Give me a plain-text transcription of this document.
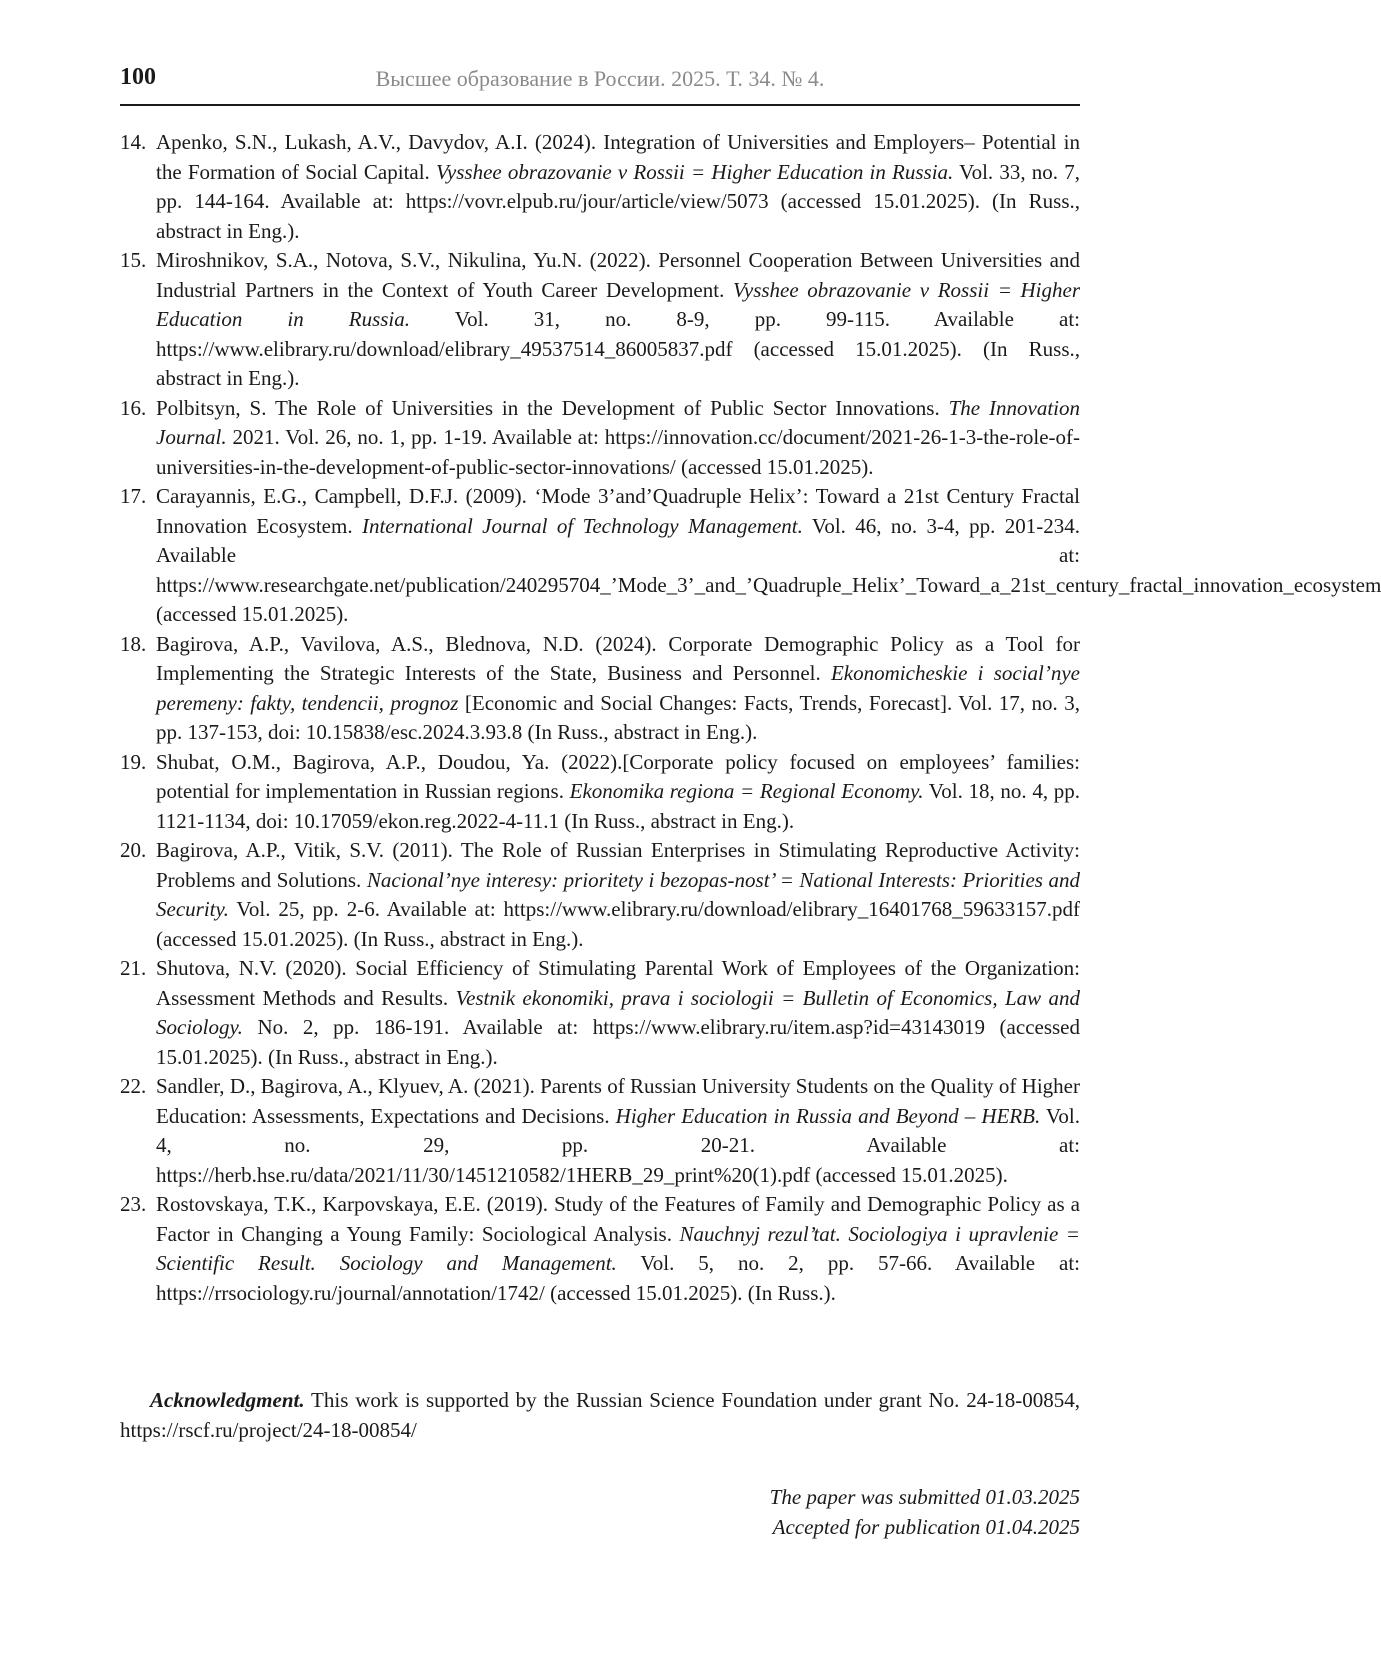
100	Высшее образование в России. 2025. Т. 34. № 4.
14. Apenko, S.N., Lukash, A.V., Davydov, A.I. (2024). Integration of Universities and Employers– Potential in the Formation of Social Capital. Vysshee obrazovanie v Rossii = Higher Education in Russia. Vol. 33, no. 7, pp. 144-164. Available at: https://vovr.elpub.ru/jour/article/view/5073 (accessed 15.01.2025). (In Russ., abstract in Eng.).
15. Miroshnikov, S.A., Notova, S.V., Nikulina, Yu.N. (2022). Personnel Cooperation Between Universities and Industrial Partners in the Context of Youth Career Development. Vysshee obrazovanie v Rossii = Higher Education in Russia. Vol. 31, no. 8-9, pp. 99-115. Available at: https://www.elibrary.ru/download/elibrary_49537514_86005837.pdf (accessed 15.01.2025). (In Russ., abstract in Eng.).
16. Polbitsyn, S. The Role of Universities in the Development of Public Sector Innovations. The Innovation Journal. 2021. Vol. 26, no. 1, pp. 1-19. Available at: https://innovation.cc/document/2021-26-1-3-the-role-of-universities-in-the-development-of-public-sector-innovations/ (accessed 15.01.2025).
17. Carayannis, E.G., Campbell, D.F.J. (2009). ‘Mode 3’and’Quadruple Helix’: Toward a 21st Century Fractal Innovation Ecosystem. International Journal of Technology Management. Vol. 46, no. 3-4, pp. 201-234. Available at: https://www.researchgate.net/publication/240295704_’Mode_3’_and_’Quadruple_Helix’_Toward_a_21st_century_fractal_innovation_ecosystem (accessed 15.01.2025).
18. Bagirova, A.P., Vavilova, A.S., Blednova, N.D. (2024). Corporate Demographic Policy as a Tool for Implementing the Strategic Interests of the State, Business and Personnel. Ekonomicheskie i social’nye peremeny: fakty, tendencii, prognoz [Economic and Social Changes: Facts, Trends, Forecast]. Vol. 17, no. 3, pp. 137-153, doi: 10.15838/esc.2024.3.93.8 (In Russ., abstract in Eng.).
19. Shubat, O.M., Bagirova, A.P., Doudou, Ya. (2022).[Corporate policy focused on employees’ families: potential for implementation in Russian regions. Ekonomika regiona = Regional Economy. Vol. 18, no. 4, pp. 1121-1134, doi: 10.17059/ekon.reg.2022-4-11.1 (In Russ., abstract in Eng.).
20. Bagirova, A.P., Vitik, S.V. (2011). The Role of Russian Enterprises in Stimulating Reproductive Activity: Problems and Solutions. Nacional’nye interesy: prioritety i bezopas-nost’ = National Interests: Priorities and Security. Vol. 25, pp. 2-6. Available at: https://www.elibrary.ru/download/elibrary_16401768_59633157.pdf (accessed 15.01.2025). (In Russ., abstract in Eng.).
21. Shutova, N.V. (2020). Social Efficiency of Stimulating Parental Work of Employees of the Organization: Assessment Methods and Results. Vestnik ekonomiki, prava i sociologii = Bulletin of Economics, Law and Sociology. No. 2, pp. 186-191. Available at: https://www.elibrary.ru/item.asp?id=43143019 (accessed 15.01.2025). (In Russ., abstract in Eng.).
22. Sandler, D., Bagirova, A., Klyuev, A. (2021). Parents of Russian University Students on the Quality of Higher Education: Assessments, Expectations and Decisions. Higher Education in Russia and Beyond – HERB. Vol. 4, no. 29, pp. 20-21. Available at: https://herb.hse.ru/data/2021/11/30/1451210582/1HERB_29_print%20(1).pdf (accessed 15.01.2025).
23. Rostovskaya, T.K., Karpovskaya, E.E. (2019). Study of the Features of Family and Demographic Policy as a Factor in Changing a Young Family: Sociological Analysis. Nauchnyj rezul’tat. Sociologiya i upravlenie = Scientific Result. Sociology and Management. Vol. 5, no. 2, pp. 57-66. Available at: https://rrsociology.ru/journal/annotation/1742/ (accessed 15.01.2025). (In Russ.).

Acknowledgment. This work is supported by the Russian Science Foundation under grant No. 24-18-00854, https://rscf.ru/project/24-18-00854/

The paper was submitted 01.03.2025
Accepted for publication 01.04.2025
